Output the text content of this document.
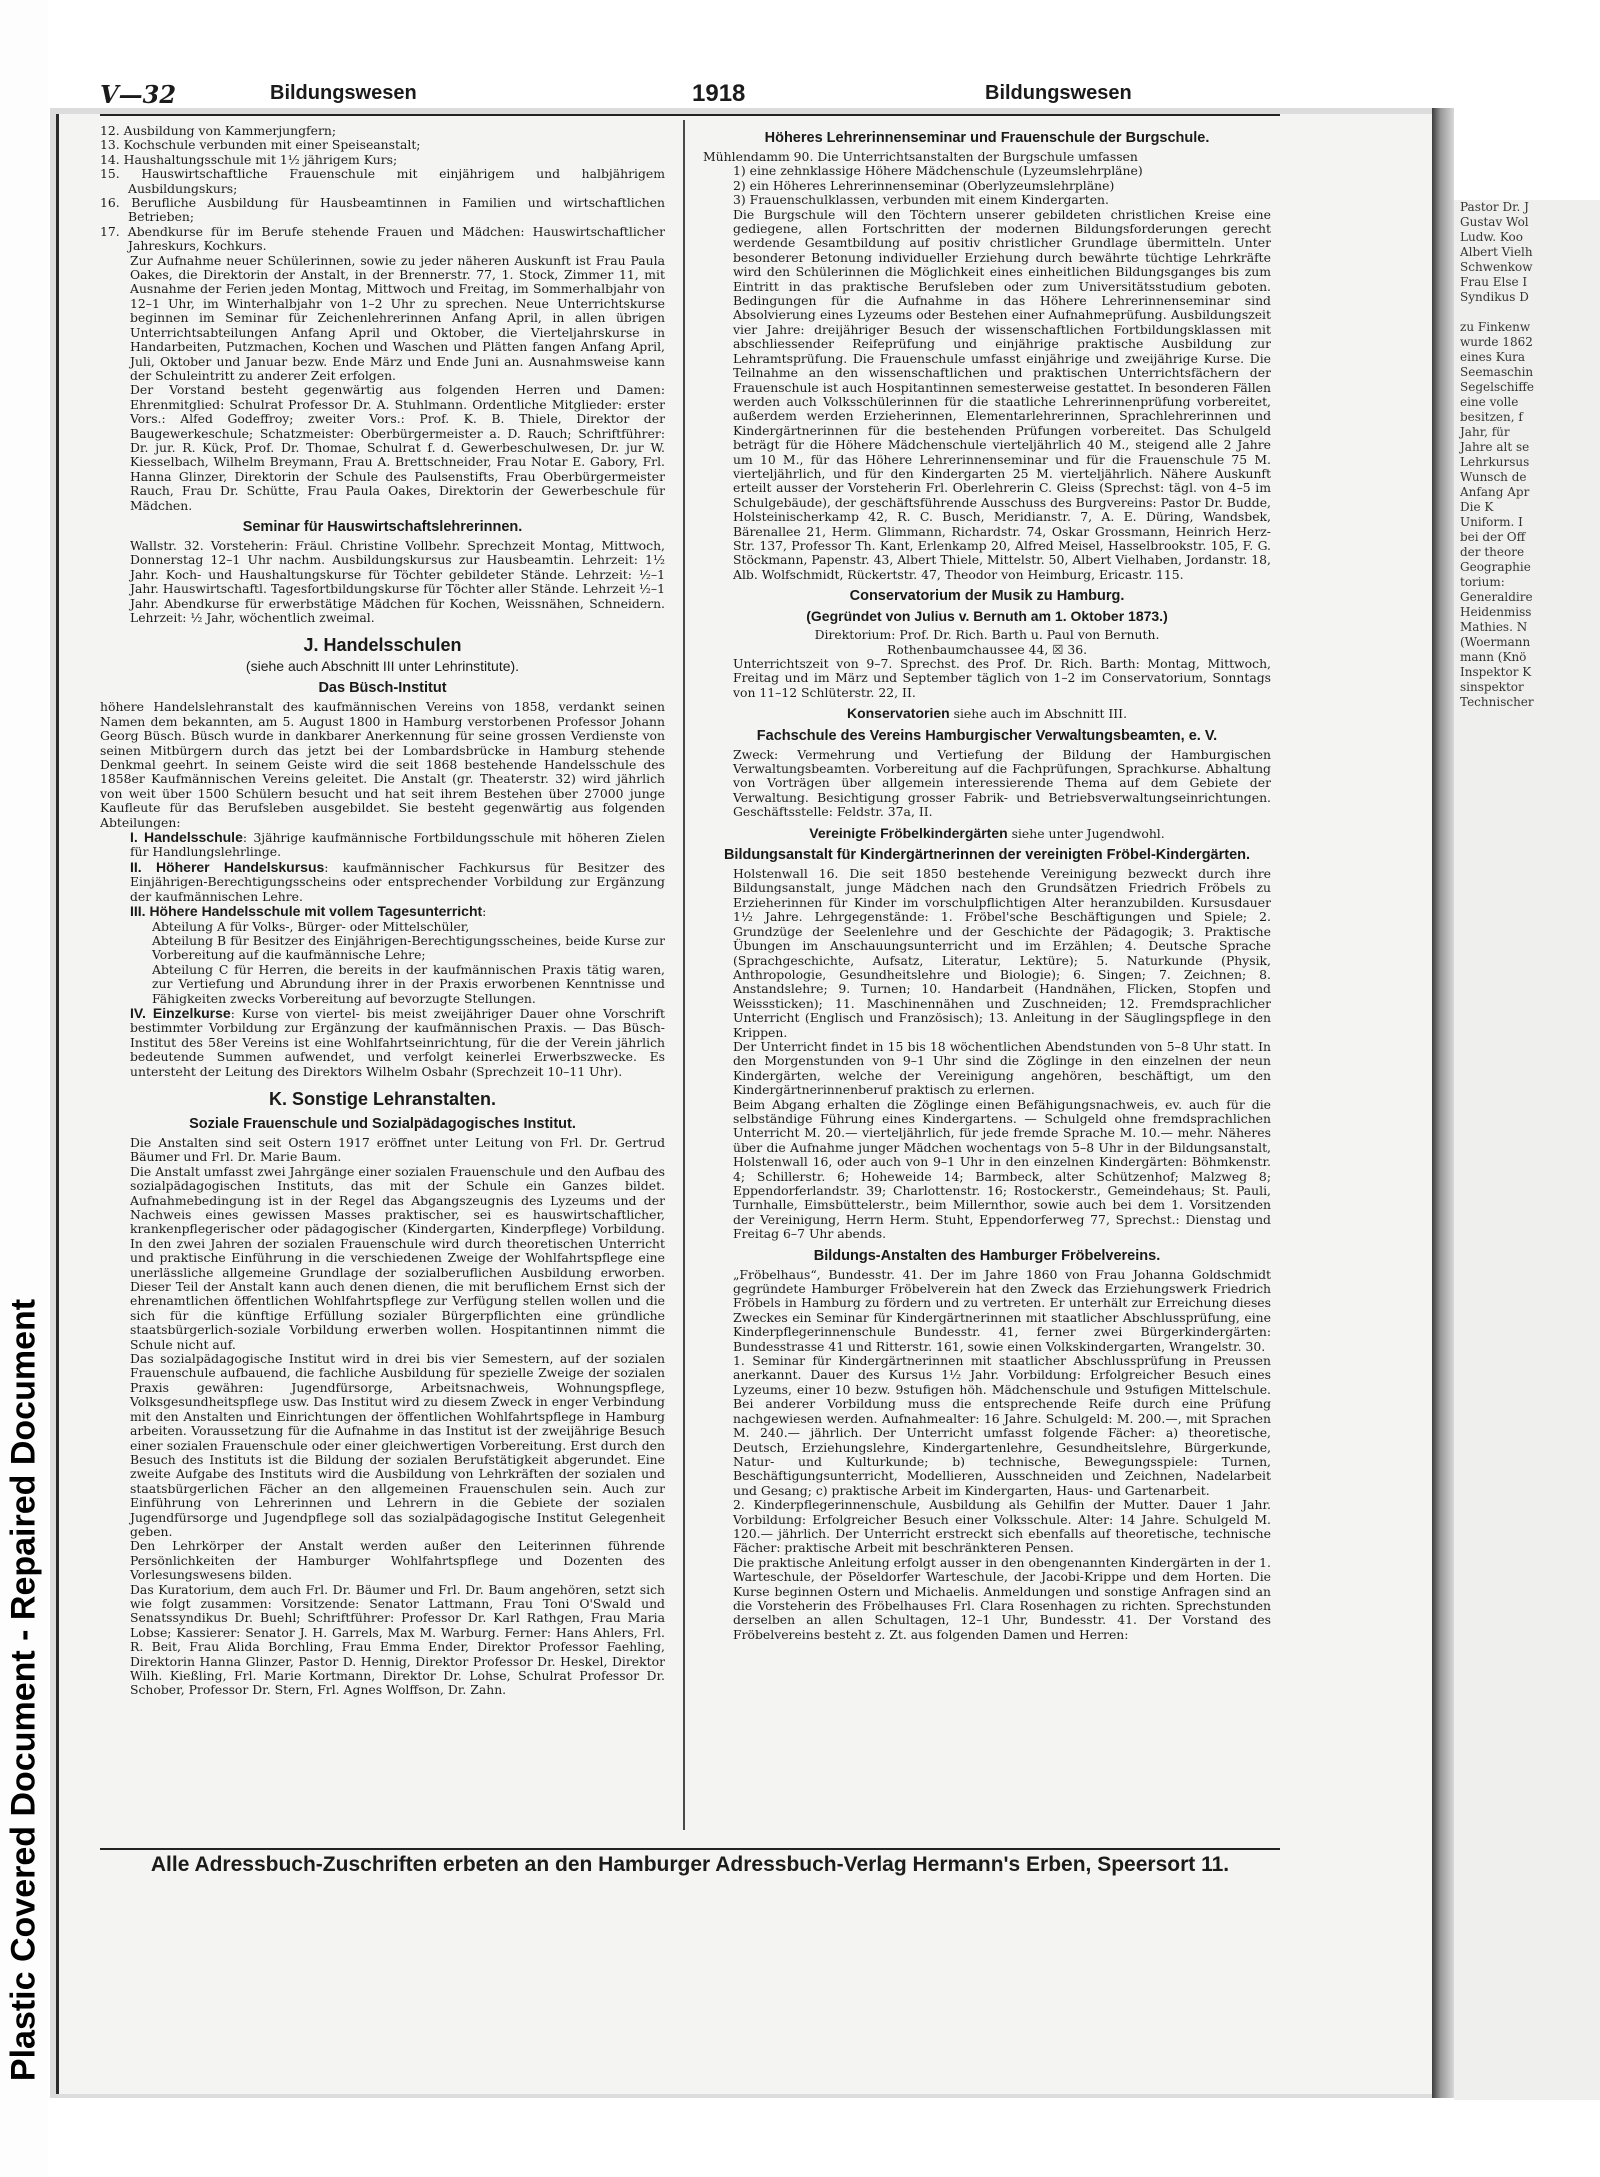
Plastic Covered Document - Repaired Document
Pastor Dr. J
Gustav Wol
Ludw. Koo
Albert Vielh
Schwenkow
Frau Else I
Syndikus D

zu Finkenw
wurde 1862
eines Kura
Seemaschin
Segelschiffe
eine volle
besitzen, f
Jahr, für
Jahre alt se
Lehrkursus
Wunsch de
Anfang Apr
Die K
Uniform. I
bei der Off
der theore
Geographie
torium:
Generaldire
Heidenmiss
Mathies. N
(Woermann
mann (Knö
Inspektor K
sinspektor
Technischer
V—32	Bildungswesen	1918	Bildungswesen

12. Ausbildung von Kammerjungfern;

13. Kochschule verbunden mit einer Speiseanstalt;

14. Haushaltungsschule mit 1½ jährigem Kurs;

15. Hauswirtschaftliche Frauenschule mit einjährigem und halbjährigem Ausbildungskurs;

16. Berufliche Ausbildung für Hausbeamtinnen in Familien und wirtschaftlichen Betrieben;

17. Abendkurse für im Berufe stehende Frauen und Mädchen: Hauswirtschaftlicher Jahreskurs, Kochkurs.

Zur Aufnahme neuer Schülerinnen, sowie zu jeder näheren Auskunft ist Frau Paula Oakes, die Direktorin der Anstalt, in der Brennerstr. 77, 1. Stock, Zimmer 11, mit Ausnahme der Ferien jeden Montag, Mittwoch und Freitag, im Sommerhalbjahr von 12–1 Uhr, im Winterhalbjahr von 1–2 Uhr zu sprechen. Neue Unterrichtskurse beginnen im Seminar für Zeichenlehrerinnen Anfang April, in allen übrigen Unterrichtsabteilungen Anfang April und Oktober, die Vierteljahrskurse in Handarbeiten, Putzmachen, Kochen und Waschen und Plätten fangen Anfang April, Juli, Oktober und Januar bezw. Ende März und Ende Juni an. Ausnahmsweise kann der Schuleintritt zu anderer Zeit erfolgen.

Der Vorstand besteht gegenwärtig aus folgenden Herren und Damen: Ehrenmitglied: Schulrat Professor Dr. A. Stuhlmann. Ordentliche Mitglieder: erster Vors.: Alfed Godeffroy; zweiter Vors.: Prof. K. B. Thiele, Direktor der Baugewerkeschule; Schatzmeister: Oberbürgermeister a. D. Rauch; Schriftführer: Dr. jur. R. Kück, Prof. Dr. Thomae, Schulrat f. d. Gewerbeschulwesen, Dr. jur W. Kiesselbach, Wilhelm Breymann, Frau A. Brettschneider, Frau Notar E. Gabory, Frl. Hanna Glinzer, Direktorin der Schule des Paulsenstifts, Frau Oberbürgermeister Rauch, Frau Dr. Schütte, Frau Paula Oakes, Direktorin der Gewerbeschule für Mädchen.

Seminar für Hauswirtschaftslehrerinnen.

Wallstr. 32. Vorsteherin: Fräul. Christine Vollbehr. Sprechzeit Montag, Mittwoch, Donnerstag 12–1 Uhr nachm. Ausbildungskursus zur Hausbeamtin. Lehrzeit: 1½ Jahr. Koch- und Haushaltungskurse für Töchter gebildeter Stände. Lehrzeit: ½–1 Jahr. Hauswirtschaftl. Tagesfortbildungskurse für Töchter aller Stände. Lehrzeit ½–1 Jahr. Abendkurse für erwerbstätige Mädchen für Kochen, Weissnähen, Schneidern. Lehrzeit: ½ Jahr, wöchentlich zweimal.

J. Handelsschulen
(siehe auch Abschnitt III unter Lehrinstitute).
Das Büsch-Institut

höhere Handelslehranstalt des kaufmännischen Vereins von 1858, verdankt seinen Namen dem bekannten, am 5. August 1800 in Hamburg verstorbenen Professor Johann Georg Büsch. Büsch wurde in dankbarer Anerkennung für seine grossen Verdienste von seinen Mitbürgern durch das jetzt bei der Lombardsbrücke in Hamburg stehende Denkmal geehrt. In seinem Geiste wird die seit 1868 bestehende Handelsschule des 1858er Kaufmännischen Vereins geleitet. Die Anstalt (gr. Theaterstr. 32) wird jährlich von weit über 1500 Schülern besucht und hat seit ihrem Bestehen über 27000 junge Kaufleute für das Berufsleben ausgebildet. Sie besteht gegenwärtig aus folgenden Abteilungen:

I. Handelsschule: 3jährige kaufmännische Fortbildungsschule mit höheren Zielen für Handlungslehrlinge.

II. Höherer Handelskursus: kaufmännischer Fachkursus für Besitzer des Einjährigen-Berechtigungsscheins oder entsprechender Vorbildung zur Ergänzung der kaufmännischen Lehre.

III. Höhere Handelsschule mit vollem Tagesunterricht:

Abteilung A für Volks-, Bürger- oder Mittelschüler,

Abteilung B für Besitzer des Einjährigen-Berechtigungsscheines, beide Kurse zur Vorbereitung auf die kaufmännische Lehre;

Abteilung C für Herren, die bereits in der kaufmännischen Praxis tätig waren, zur Vertiefung und Abrundung ihrer in der Praxis erworbenen Kenntnisse und Fähigkeiten zwecks Vorbereitung auf bevorzugte Stellungen.

IV. Einzelkurse: Kurse von viertel- bis meist zweijähriger Dauer ohne Vorschrift bestimmter Vorbildung zur Ergänzung der kaufmännischen Praxis. — Das Büsch-Institut des 58er Vereins ist eine Wohlfahrtseinrichtung, für die der Verein jährlich bedeutende Summen aufwendet, und verfolgt keinerlei Erwerbszwecke. Es untersteht der Leitung des Direktors Wilhelm Osbahr (Sprechzeit 10–11 Uhr).

K. Sonstige Lehranstalten.
Soziale Frauenschule und Sozialpädagogisches Institut.

Die Anstalten sind seit Ostern 1917 eröffnet unter Leitung von Frl. Dr. Gertrud Bäumer und Frl. Dr. Marie Baum.

Die Anstalt umfasst zwei Jahrgänge einer sozialen Frauenschule und den Aufbau des sozialpädagogischen Instituts, das mit der Schule ein Ganzes bildet. Aufnahmebedingung ist in der Regel das Abgangszeugnis des Lyzeums und der Nachweis eines gewissen Masses praktischer, sei es hauswirtschaftlicher, krankenpflegerischer oder pädagogischer (Kindergarten, Kinderpflege) Vorbildung. In den zwei Jahren der sozialen Frauenschule wird durch theoretischen Unterricht und praktische Einführung in die verschiedenen Zweige der Wohlfahrtspflege eine unerlässliche allgemeine Grundlage der sozialberuflichen Ausbildung erworben. Dieser Teil der Anstalt kann auch denen dienen, die mit beruflichem Ernst sich der ehrenamtlichen öffentlichen Wohlfahrtspflege zur Verfügung stellen wollen und die sich für die künftige Erfüllung sozialer Bürgerpflichten eine gründliche staatsbürgerlich-soziale Vorbildung erwerben wollen. Hospitantinnen nimmt die Schule nicht auf.

Das sozialpädagogische Institut wird in drei bis vier Semestern, auf der sozialen Frauenschule aufbauend, die fachliche Ausbildung für spezielle Zweige der sozialen Praxis gewähren: Jugendfürsorge, Arbeitsnachweis, Wohnungspflege, Volksgesundheitspflege usw. Das Institut wird zu diesem Zweck in enger Verbindung mit den Anstalten und Einrichtungen der öffentlichen Wohlfahrtspflege in Hamburg arbeiten. Voraussetzung für die Aufnahme in das Institut ist der zweijährige Besuch einer sozialen Frauenschule oder einer gleichwertigen Vorbereitung. Erst durch den Besuch des Instituts ist die Bildung der sozialen Berufstätigkeit abgerundet. Eine zweite Aufgabe des Instituts wird die Ausbildung von Lehrkräften der sozialen und staatsbürgerlichen Fächer an den allgemeinen Frauenschulen sein. Auch zur Einführung von Lehrerinnen und Lehrern in die Gebiete der sozialen Jugendfürsorge und Jugendpflege soll das sozialpädagogische Institut Gelegenheit geben.

Den Lehrkörper der Anstalt werden außer den Leiterinnen führende Persönlichkeiten der Hamburger Wohlfahrtspflege und Dozenten des Vorlesungswesens bilden.

Das Kuratorium, dem auch Frl. Dr. Bäumer und Frl. Dr. Baum angehören, setzt sich wie folgt zusammen: Vorsitzende: Senator Lattmann, Frau Toni O'Swald und Senatssyndikus Dr. Buehl; Schriftführer: Professor Dr. Karl Rathgen, Frau Maria Lobse; Kassierer: Senator J. H. Garrels, Max M. Warburg. Ferner: Hans Ahlers, Frl. R. Beit, Frau Alida Borchling, Frau Emma Ender, Direktor Professor Faehling, Direktorin Hanna Glinzer, Pastor D. Hennig, Direktor Professor Dr. Heskel, Direktor Wilh. Kießling, Frl. Marie Kortmann, Direktor Dr. Lohse, Schulrat Professor Dr. Schober, Professor Dr. Stern, Frl. Agnes Wolffson, Dr. Zahn.

Höheres Lehrerinnenseminar und Frauenschule der Burgschule.

Mühlendamm 90. Die Unterrichtsanstalten der Burgschule umfassen

1) eine zehnklassige Höhere Mädchenschule (Lyzeumslehrpläne)

2) ein Höheres Lehrerinnenseminar (Oberlyzeumslehrpläne)

3) Frauenschulklassen, verbunden mit einem Kindergarten.

Die Burgschule will den Töchtern unserer gebildeten christlichen Kreise eine gediegene, allen Fortschritten der modernen Bildungsforderungen gerecht werdende Gesamtbildung auf positiv christlicher Grundlage übermitteln. Unter besonderer Betonung individueller Erziehung durch bewährte tüchtige Lehrkräfte wird den Schülerinnen die Möglichkeit eines einheitlichen Bildungsganges bis zum Eintritt in das praktische Berufsleben oder zum Universitätsstudium geboten. Bedingungen für die Aufnahme in das Höhere Lehrerinnenseminar sind Absolvierung eines Lyzeums oder Bestehen einer Aufnahmeprüfung. Ausbildungszeit vier Jahre: dreijähriger Besuch der wissenschaftlichen Fortbildungsklassen mit abschliessender Reifeprüfung und einjährige praktische Ausbildung zur Lehramtsprüfung. Die Frauenschule umfasst einjährige und zweijährige Kurse. Die Teilnahme an den wissenschaftlichen und praktischen Unterrichtsfächern der Frauenschule ist auch Hospitantinnen semesterweise gestattet. In besonderen Fällen werden auch Volksschülerinnen für die staatliche Lehrerinnenprüfung vorbereitet, außerdem werden Erzieherinnen, Elementarlehrerinnen, Sprachlehrerinnen und Kindergärtnerinnen für die bestehenden Prüfungen vorbereitet. Das Schulgeld beträgt für die Höhere Mädchenschule vierteljährlich 40 M., steigend alle 2 Jahre um 10 M., für das Höhere Lehrerinnenseminar und für die Frauenschule 75 M. vierteljährlich, und für den Kindergarten 25 M. vierteljährlich. Nähere Auskunft erteilt ausser der Vorsteherin Frl. Oberlehrerin C. Gleiss (Sprechst: tägl. von 4–5 im Schulgebäude), der geschäftsführende Ausschuss des Burgvereins: Pastor Dr. Budde, Holsteinischerkamp 42, R. C. Busch, Meridianstr. 7, A. E. Düring, Wandsbek, Bärenallee 21, Herm. Glimmann, Richardstr. 74, Oskar Grossmann, Heinrich Herz-Str. 137, Professor Th. Kant, Erlenkamp 20, Alfred Meisel, Hasselbrookstr. 105, F. G. Stöckmann, Papenstr. 43, Albert Thiele, Mittelstr. 50, Albert Vielhaben, Jordanstr. 18, Alb. Wolfschmidt, Rückertstr. 47, Theodor von Heimburg, Ericastr. 115.

Conservatorium der Musik zu Hamburg.
(Gegründet von Julius v. Bernuth am 1. Oktober 1873.)

Direktorium: Prof. Dr. Rich. Barth u. Paul von Bernuth.

Rothenbaumchaussee 44, ☒ 36.

Unterrichtszeit von 9–7. Sprechst. des Prof. Dr. Rich. Barth: Montag, Mittwoch, Freitag und im März und September täglich von 1–2 im Conservatorium, Sonntags von 11–12 Schlüterstr. 22, II.

Konservatorien siehe auch im Abschnitt III.

Fachschule des Vereins Hamburgischer Verwaltungsbeamten, e. V.

Zweck: Vermehrung und Vertiefung der Bildung der Hamburgischen Verwaltungsbeamten. Vorbereitung auf die Fachprüfungen, Sprachkurse. Abhaltung von Vorträgen über allgemein interessierende Thema auf dem Gebiete der Verwaltung. Besichtigung grosser Fabrik- und Betriebsverwaltungseinrichtungen. Geschäftsstelle: Feldstr. 37a, II.

Vereinigte Fröbelkindergärten siehe unter Jugendwohl.

Bildungsanstalt für Kindergärtnerinnen der vereinigten Fröbel-Kindergärten.

Holstenwall 16. Die seit 1850 bestehende Vereinigung bezweckt durch ihre Bildungsanstalt, junge Mädchen nach den Grundsätzen Friedrich Fröbels zu Erzieherinnen für Kinder im vorschulpflichtigen Alter heranzubilden. Kursusdauer 1½ Jahre. Lehrgegenstände: 1. Fröbel'sche Beschäftigungen und Spiele; 2. Grundzüge der Seelenlehre und der Geschichte der Pädagogik; 3. Praktische Übungen im Anschauungsunterricht und im Erzählen; 4. Deutsche Sprache (Sprachgeschichte, Aufsatz, Literatur, Lektüre); 5. Naturkunde (Physik, Anthropologie, Gesundheitslehre und Biologie); 6. Singen; 7. Zeichnen; 8. Anstandslehre; 9. Turnen; 10. Handarbeit (Handnähen, Flicken, Stopfen und Weisssticken); 11. Maschinennähen und Zuschneiden; 12. Fremdsprachlicher Unterricht (Englisch und Französisch); 13. Anleitung in der Säuglingspflege in den Krippen.

Der Unterricht findet in 15 bis 18 wöchentlichen Abendstunden von 5–8 Uhr statt. In den Morgenstunden von 9–1 Uhr sind die Zöglinge in den einzelnen der neun Kindergärten, welche der Vereinigung angehören, beschäftigt, um den Kindergärtnerinnenberuf praktisch zu erlernen.

Beim Abgang erhalten die Zöglinge einen Befähigungsnachweis, ev. auch für die selbständige Führung eines Kindergartens. — Schulgeld ohne fremdsprachlichen Unterricht M. 20.— vierteljährlich, für jede fremde Sprache M. 10.— mehr. Näheres über die Aufnahme junger Mädchen wochentags von 5–8 Uhr in der Bildungsanstalt, Holstenwall 16, oder auch von 9–1 Uhr in den einzelnen Kindergärten: Böhmkenstr. 4; Schillerstr. 6; Hoheweide 14; Barmbeck, alter Schützenhof; Malzweg 8; Eppendorferlandstr. 39; Charlottenstr. 16; Rostockerstr., Gemeindehaus; St. Pauli, Turnhalle, Eimsbüttelerstr., beim Millernthor, sowie auch bei dem 1. Vorsitzenden der Vereinigung, Herrn Herm. Stuht, Eppendorferweg 77, Sprechst.: Dienstag und Freitag 6–7 Uhr abends.

Bildungs-Anstalten des Hamburger Fröbelvereins.

„Fröbelhaus“, Bundesstr. 41. Der im Jahre 1860 von Frau Johanna Goldschmidt gegründete Hamburger Fröbelverein hat den Zweck das Erziehungswerk Friedrich Fröbels in Hamburg zu fördern und zu vertreten. Er unterhält zur Erreichung dieses Zweckes ein Seminar für Kindergärtnerinnen mit staatlicher Abschlussprüfung, eine Kinderpflegerinnenschule Bundesstr. 41, ferner zwei Bürgerkindergärten: Bundesstrasse 41 und Ritterstr. 161, sowie einen Volkskindergarten, Wrangelstr. 30.

1. Seminar für Kindergärtnerinnen mit staatlicher Abschlussprüfung in Preussen anerkannt. Dauer des Kursus 1½ Jahr. Vorbildung: Erfolgreicher Besuch eines Lyzeums, einer 10 bezw. 9stufigen höh. Mädchenschule und 9stufigen Mittelschule. Bei anderer Vorbildung muss die entsprechende Reife durch eine Prüfung nachgewiesen werden. Aufnahmealter: 16 Jahre. Schulgeld: M. 200.—, mit Sprachen M. 240.— jährlich. Der Unterricht umfasst folgende Fächer: a) theoretische, Deutsch, Erziehungslehre, Kindergartenlehre, Gesundheitslehre, Bürgerkunde, Natur- und Kulturkunde; b) technische, Bewegungsspiele: Turnen, Beschäftigungsunterricht, Modellieren, Ausschneiden und Zeichnen, Nadelarbeit und Gesang; c) praktische Arbeit im Kindergarten, Haus- und Gartenarbeit.

2. Kinderpflegerinnenschule, Ausbildung als Gehilfin der Mutter. Dauer 1 Jahr. Vorbildung: Erfolgreicher Besuch einer Volksschule. Alter: 14 Jahre. Schulgeld M. 120.— jährlich. Der Unterricht erstreckt sich ebenfalls auf theoretische, technische Fächer: praktische Arbeit mit beschränkteren Pensen.

Die praktische Anleitung erfolgt ausser in den obengenannten Kindergärten in der 1. Warteschule, der Pöseldorfer Warteschule, der Jacobi-Krippe und dem Horten. Die Kurse beginnen Ostern und Michaelis. Anmeldungen und sonstige Anfragen sind an die Vorsteherin des Fröbelhauses Frl. Clara Rosenhagen zu richten. Sprechstunden derselben an allen Schultagen, 12–1 Uhr, Bundesstr. 41. Der Vorstand des Fröbelvereins besteht z. Zt. aus folgenden Damen und Herren:

Alle Adressbuch-Zuschriften erbeten an den Hamburger Adressbuch-Verlag Hermann's Erben, Speersort 11.
